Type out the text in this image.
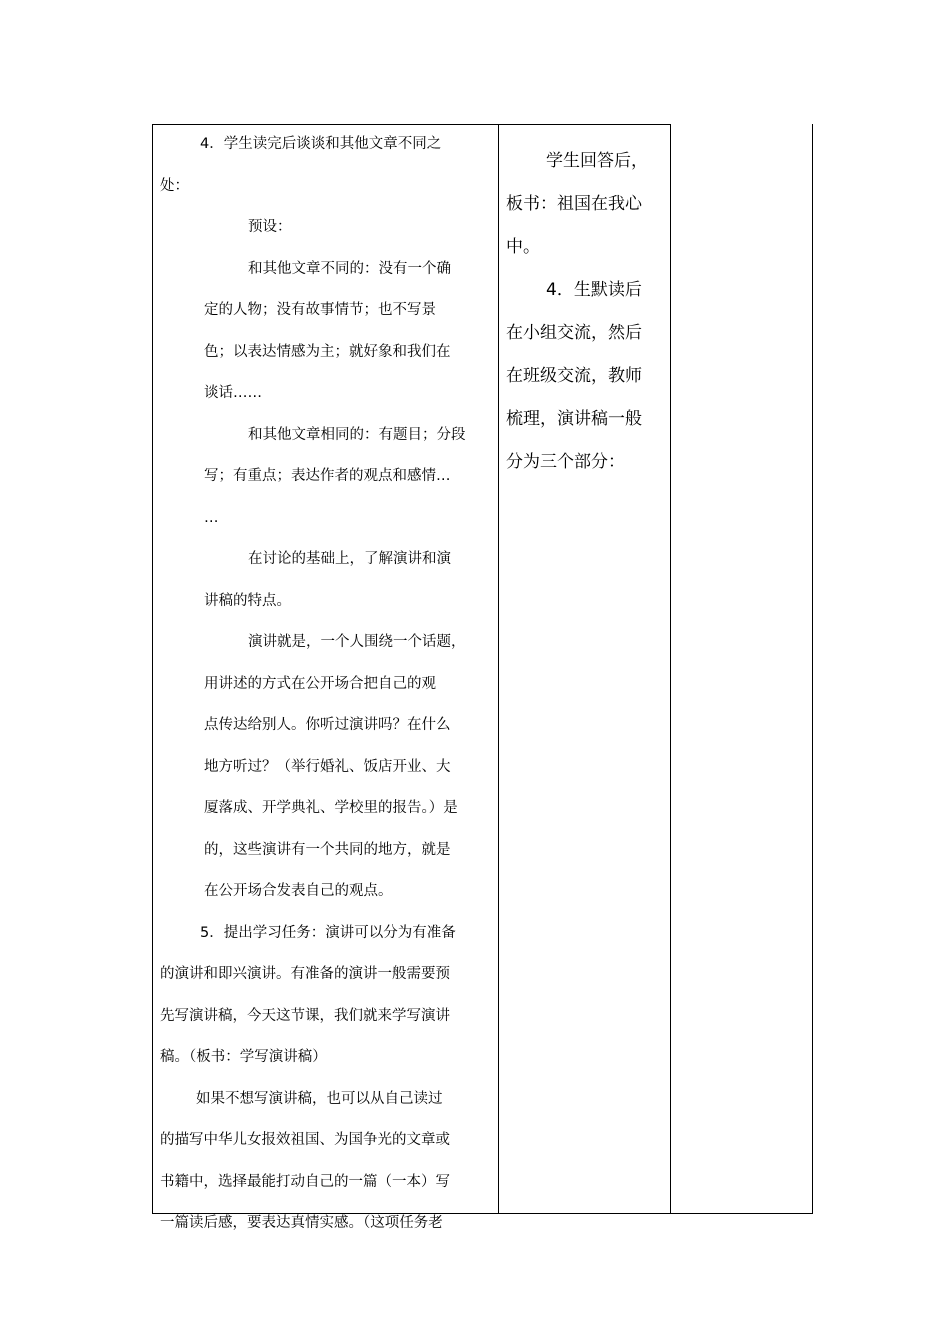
4．学生读完后谈谈和其他文章不同之

处：

预设：

和其他文章不同的：没有一个确

定的人物；没有故事情节；也不写景

色；以表达情感为主；就好象和我们在

谈话……

和其他文章相同的：有题目；分段

写；有重点；表达作者的观点和感情…

…

在讨论的基础上，了解演讲和演

讲稿的特点。

演讲就是，一个人围绕一个话题，

用讲述的方式在公开场合把自己的观

点传达给别人。你听过演讲吗？在什么

地方听过？（举行婚礼、饭店开业、大

厦落成、开学典礼、学校里的报告。）是

的，这些演讲有一个共同的地方，就是

在公开场合发表自己的观点。

5．提出学习任务：演讲可以分为有准备

的演讲和即兴演讲。有准备的演讲一般需要预

先写演讲稿，今天这节课，我们就来学写演讲

稿。（板书：学写演讲稿）

如果不想写演讲稿，也可以从自己读过

的描写中华儿女报效祖国、为国争光的文章或

书籍中，选择最能打动自己的一篇（一本）写

一篇读后感，要表达真情实感。（这项任务老

学生回答后，

板书：祖国在我心

中。

4．生默读后

在小组交流，然后

在班级交流，教师

梳理，演讲稿一般

分为三个部分：
